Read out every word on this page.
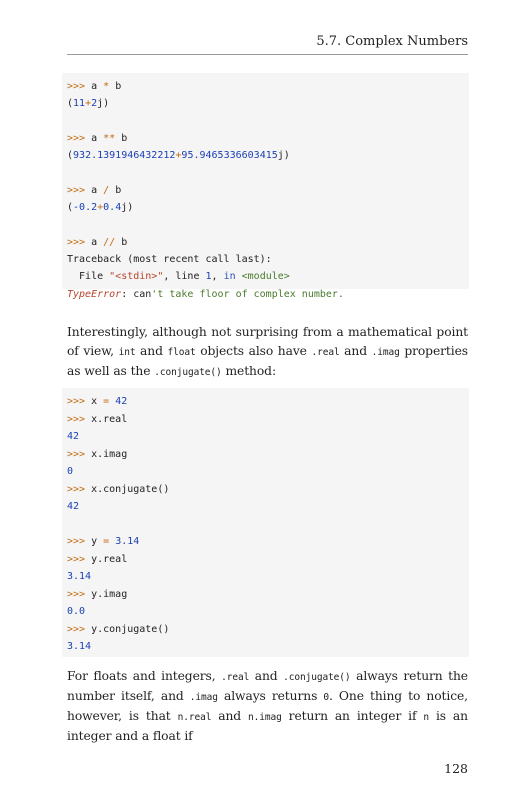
5.7. Complex Numbers
>>> a * b
(11+2j)

>>> a ** b
(932.1391946432212+95.9465336603415j)

>>> a / b
(-0.2+0.4j)

>>> a // b
Traceback (most recent call last):
File "<stdin>", line 1, in <module>
TypeError: can't take floor of complex number.
Interestingly, although not surprising from a mathematical point of view, int and float objects also have .real and .imag properties as well as the .conjugate() method:
>>> x = 42
>>> x.real
42
>>> x.imag
0
>>> x.conjugate()
42

>>> y = 3.14
>>> y.real
3.14
>>> y.imag
0.0
>>> y.conjugate()
3.14
For floats and integers, .real and .conjugate() always return the number itself, and .imag always returns 0. One thing to notice, however, is that n.real and n.imag return an integer if n is an integer and a float if
128
